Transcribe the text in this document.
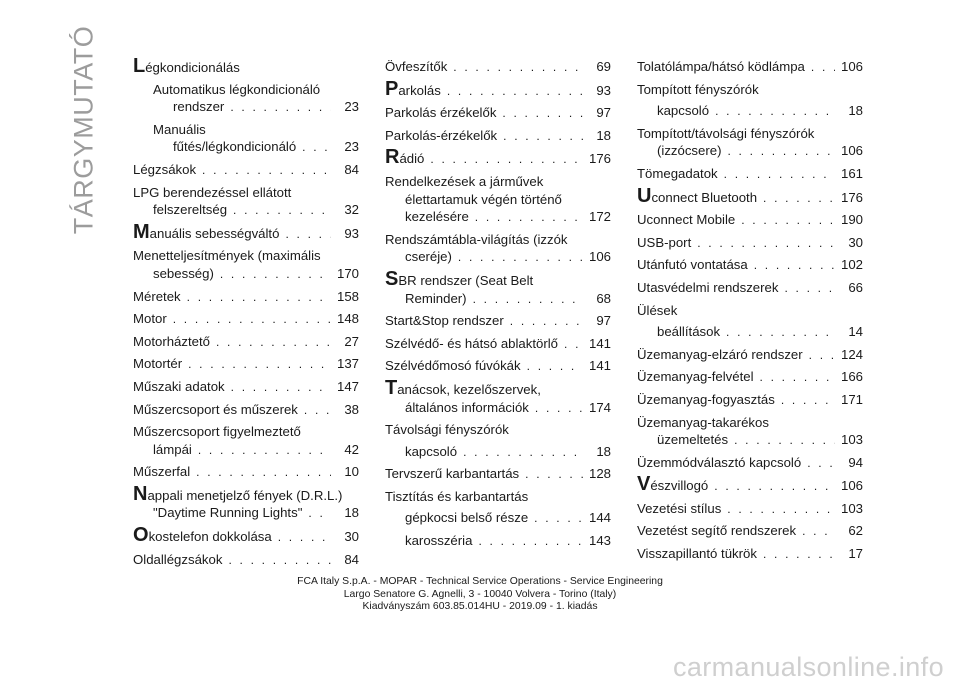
TÁRGYMUTATÓ Légkondicionálás
Automatikus légkondicionáló
rendszer . . .	23
Manuális
fűtés/légkondicionáló . . .	23
Légzsákok . . .	84
LPG berendezéssel ellátott
felszereltség . . .	32
Manuális sebességváltó . . .	93
Menetteljesítmények (maximális
sebesség) . . .	170
Méretek . . .	158
Motor . . .	148
Motorháztető . . .	27
Motortér . . .	137
Műszaki adatok . . .	147
Műszercsoport és műszerek . . .	38
Műszercsoport figyelmeztető
lámpái . . .	42
Műszerfal . . .	10
Nappali menetjelző fények (D.R.L.)
"Daytime Running Lights" . . .	18
Okostelefon dokkolása . . .	30
Oldallégzsákok . . .	84
Övfeszítők . . .	69
Parkolás . . .	93
Parkolás érzékelők . . .	97
Parkolás-érzékelők . . .	18
Rádió . . .	176
Rendelkezések a járművek
élettartamuk végén történő
kezelésére . . .	172
Rendszámtábla-világítás (izzók
cseréje) . . .	106
SBR rendszer (Seat Belt
Reminder) . . .	68
Start&Stop rendszer . . .	97
Szélvédő- és hátsó ablaktörlő . . .	141
Szélvédőmosó fúvókák . . .	141
Tanácsok, kezelőszervek,
általános információk . . .	174
Távolsági fényszórók
kapcsoló . . .	18
Tervszerű karbantartás . . .	128
Tisztítás és karbantartás
gépkocsi belső része . . .	144
karosszéria . . .	143
Tolatólámpa/hátsó ködlámpa . . .	106
Tompított fényszórók
kapcsoló . . .	18
Tompított/távolsági fényszórók
(izzócsere) . . .	106
Tömegadatok . . .	161
Uconnect Bluetooth . . .	176
Uconnect Mobile . . .	190
USB-port . . .	30
Utánfutó vontatása . . .	102
Utasvédelmi rendszerek . . .	66
Ülések
beállítások . . .	14
Üzemanyag-elzáró rendszer . . .	124
Üzemanyag-felvétel . . .	166
Üzemanyag-fogyasztás . . .	171
Üzemanyag-takarékos
üzemeltetés . . .	103
Üzemmódválasztó kapcsoló . . .	94
Vészvillogó . . .	106
Vezetési stílus . . .	103
Vezetést segítő rendszerek . . .	62
Visszapillantó tükrök . . .	17
FCA Italy S.p.A. - MOPAR - Technical Service Operations - Service Engineering
Largo Senatore G. Agnelli, 3 - 10040 Volvera - Torino (Italy)
Kiadványszám 603.85.014HU - 2019.09 - 1. kiadás
carmanualsonline.info
